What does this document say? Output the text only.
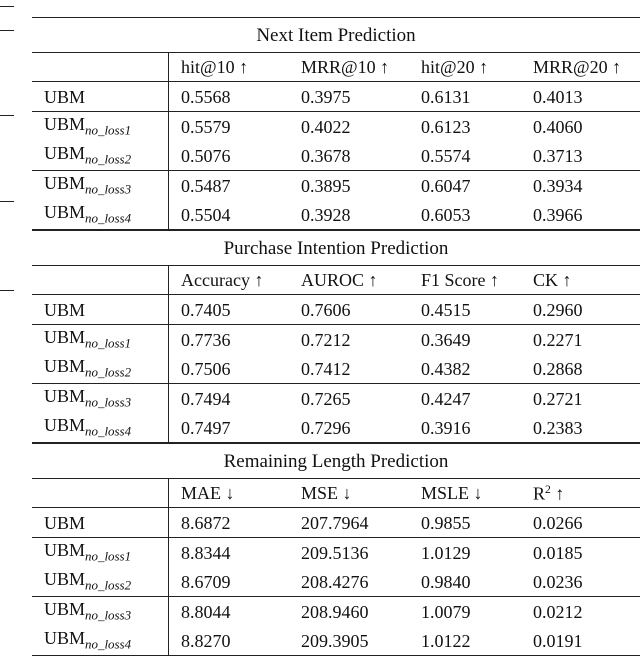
Next Item Prediction				
	hit@10 ↑	MRR@10 ↑	hit@20 ↑	MRR@20 ↑
UBM	0.5568	0.3975	0.6131	0.4013
$UBM_{no\_loss1}$	0.5579	0.4022	0.6123	0.4060
$UBM_{no\_loss2}$	0.5076	0.3678	0.5574	0.3713
$UBM_{no\_loss3}$	0.5487	0.3895	0.6047	0.3934
$UBM_{no\_loss4}$	0.5504	0.3928	0.6053	0.3966
Purchase Intention Prediction				
	Accuracy ↑	AUROC ↑	F1 Score ↑	CK ↑
UBM	0.7405	0.7606	0.4515	0.2960
$UBM_{no\_loss1}$	0.7736	0.7212	0.3649	0.2271
$UBM_{no\_loss2}$	0.7506	0.7412	0.4382	0.2868
$UBM_{no\_loss3}$	0.7494	0.7265	0.4247	0.2721
$UBM_{no\_loss4}$	0.7497	0.7296	0.3916	0.2383
Remaining Length Prediction				
	MAE ↓	MSE ↓	MSLE ↓	$R^2$ ↑
UBM	8.6872	207.7964	0.9855	0.0266
$UBM_{no\_loss1}$	8.8344	209.5136	1.0129	0.0185
$UBM_{no\_loss2}$	8.6709	208.4276	0.9840	0.0236
$UBM_{no\_loss3}$	8.8044	208.9460	1.0079	0.0212
$UBM_{no\_loss4}$	8.8270	209.3905	1.0122	0.0191
